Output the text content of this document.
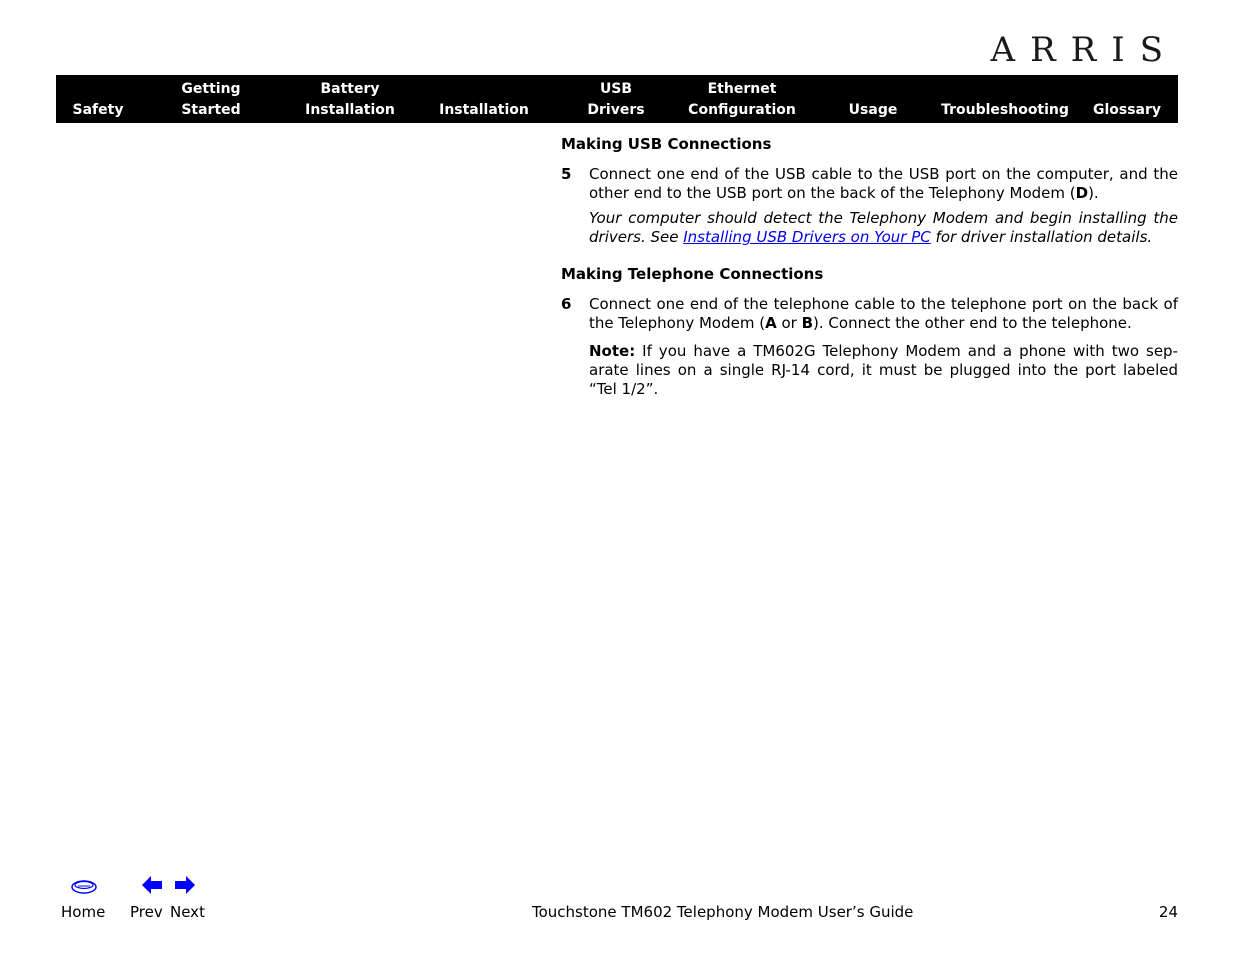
ARRIS
Safety
Getting
Started
Battery
Installation	Installation
USB
Drivers
Ethernet
Configuration	Usage	Troubleshooting Glossary
Making USB Connections
5 Connect one end of the USB cable to the USB port on the computer, and the other end to the USB port on the back of the Telephony Modem (D).
Your computer should detect the Telephony Modem and begin installing the drivers. See Installing USB Drivers on Your PC for driver installation details.
Making Telephone Connections
6 Connect one end of the telephone cable to the telephone port on the back of the Telephony Modem (A or B). Connect the other end to the telephone.
Note: If you have a TM602G Telephony Modem and a phone with two separate lines on a single RJ-14 cord, it must be plugged into the port labeled “Tel 1/2”.
Home Prev Next	Touchstone TM602 Telephony Modem User’s Guide	24
